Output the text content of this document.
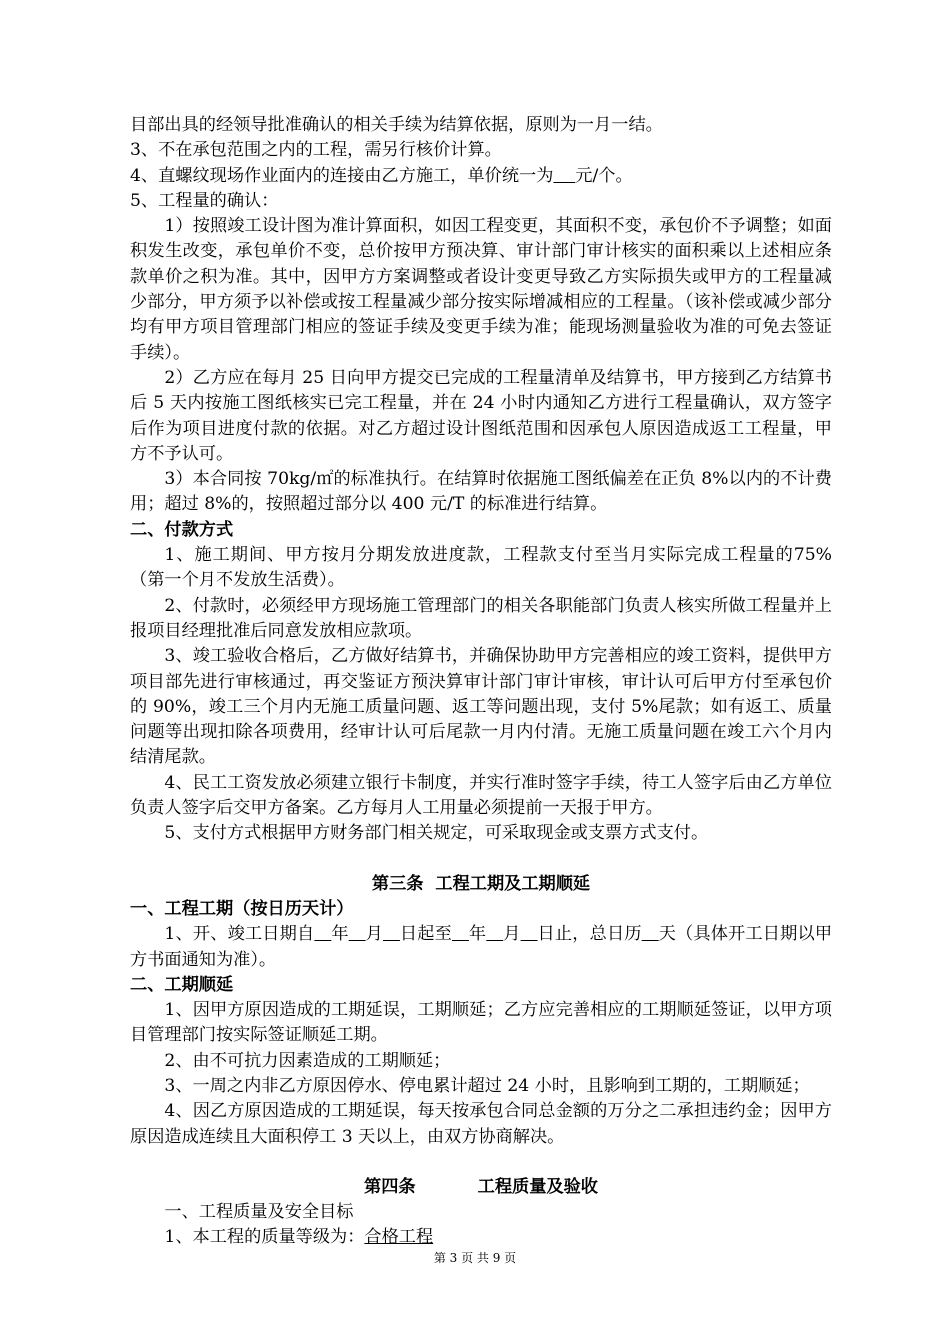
目部出具的经领导批准确认的相关手续为结算依据，原则为一月一结。

3、不在承包范围之内的工程，需另行核价计算。

4、直螺纹现场作业面内的连接由乙方施工，单价统一为 元/个。

5、工程量的确认：

1）按照竣工设计图为准计算面积，如因工程变更，其面积不变，承包价不予调整；如面积发生改变，承包单价不变，总价按甲方预决算、审计部门审计核实的面积乘以上述相应条款单价之积为准。其中，因甲方方案调整或者设计变更导致乙方实际损失或甲方的工程量减少部分，甲方须予以补偿或按工程量减少部分按实际增减相应的工程量。（该补偿或减少部分均有甲方项目管理部门相应的签证手续及变更手续为准；能现场测量验收为准的可免去签证手续）。

2）乙方应在每月 25 日向甲方提交已完成的工程量清单及结算书，甲方接到乙方结算书后 5 天内按施工图纸核实已完工程量，并在 24 小时内通知乙方进行工程量确认，双方签字后作为项目进度付款的依据。对乙方超过设计图纸范围和因承包人原因造成返工工程量，甲方不予认可。

3）本合同按 70kg/㎡的标准执行。在结算时依据施工图纸偏差在正负 8%以内的不计费用；超过 8%的，按照超过部分以 400 元/T 的标准进行结算。

二、付款方式

1、施工期间、甲方按月分期发放进度款，工程款支付至当月实际完成工程量的75%（第一个月不发放生活费）。

2、付款时，必须经甲方现场施工管理部门的相关各职能部门负责人核实所做工程量并上报项目经理批准后同意发放相应款项。

3、竣工验收合格后，乙方做好结算书，并确保协助甲方完善相应的竣工资料，提供甲方项目部先进行审核通过，再交鉴证方预決算审计部门审计审核，审计认可后甲方付至承包价的 90%，竣工三个月内无施工质量问题、返工等问题出现，支付 5%尾款；如有返工、质量问题等出现扣除各项费用，经审计认可后尾款一月内付清。无施工质量问题在竣工六个月内结清尾款。

4、民工工资发放必须建立银行卡制度，并实行准时签字手续，待工人签字后由乙方单位负责人签字后交甲方备案。乙方每月人工用量必须提前一天报于甲方。

5、支付方式根据甲方财务部门相关规定，可采取现金或支票方式支付。

第三条  工程工期及工期顺延

一、工程工期（按日历天计）

1、开、竣工日期自 年 月 日起至 年 月 日止，总日历 天（具体开工日期以甲方书面通知为准）。

二、工期顺延

1、因甲方原因造成的工期延误，工期顺延；乙方应完善相应的工期顺延签证，以甲方项目管理部门按实际签证顺延工期。

2、由不可抗力因素造成的工期顺延；

3、一周之内非乙方原因停水、停电累计超过 24 小时，且影响到工期的，工期顺延；

4、因乙方原因造成的工期延误，每天按承包合同总金额的万分之二承担违约金；因甲方原因造成连续且大面积停工 3 天以上，由双方协商解决。

第四条	工程质量及验收

一、工程质量及安全目标

1、本工程的质量等级为：合格工程

第 3 页 共 9 页
